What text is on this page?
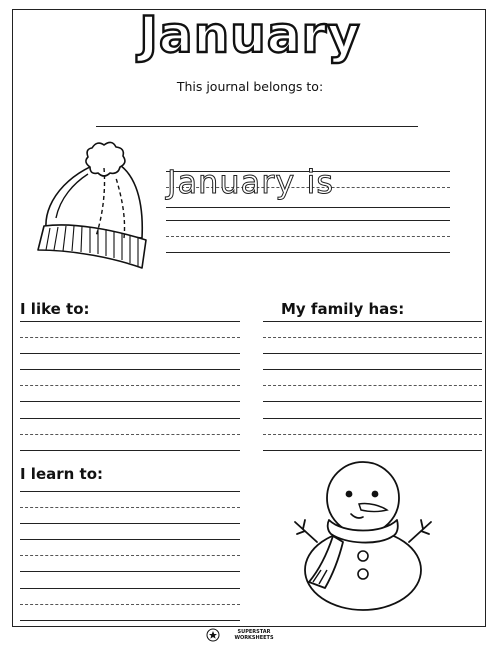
January
This journal belongs to:
January is
I like to:	My family has:
I learn to:
SUPERSTAR
WORKSHEETS
